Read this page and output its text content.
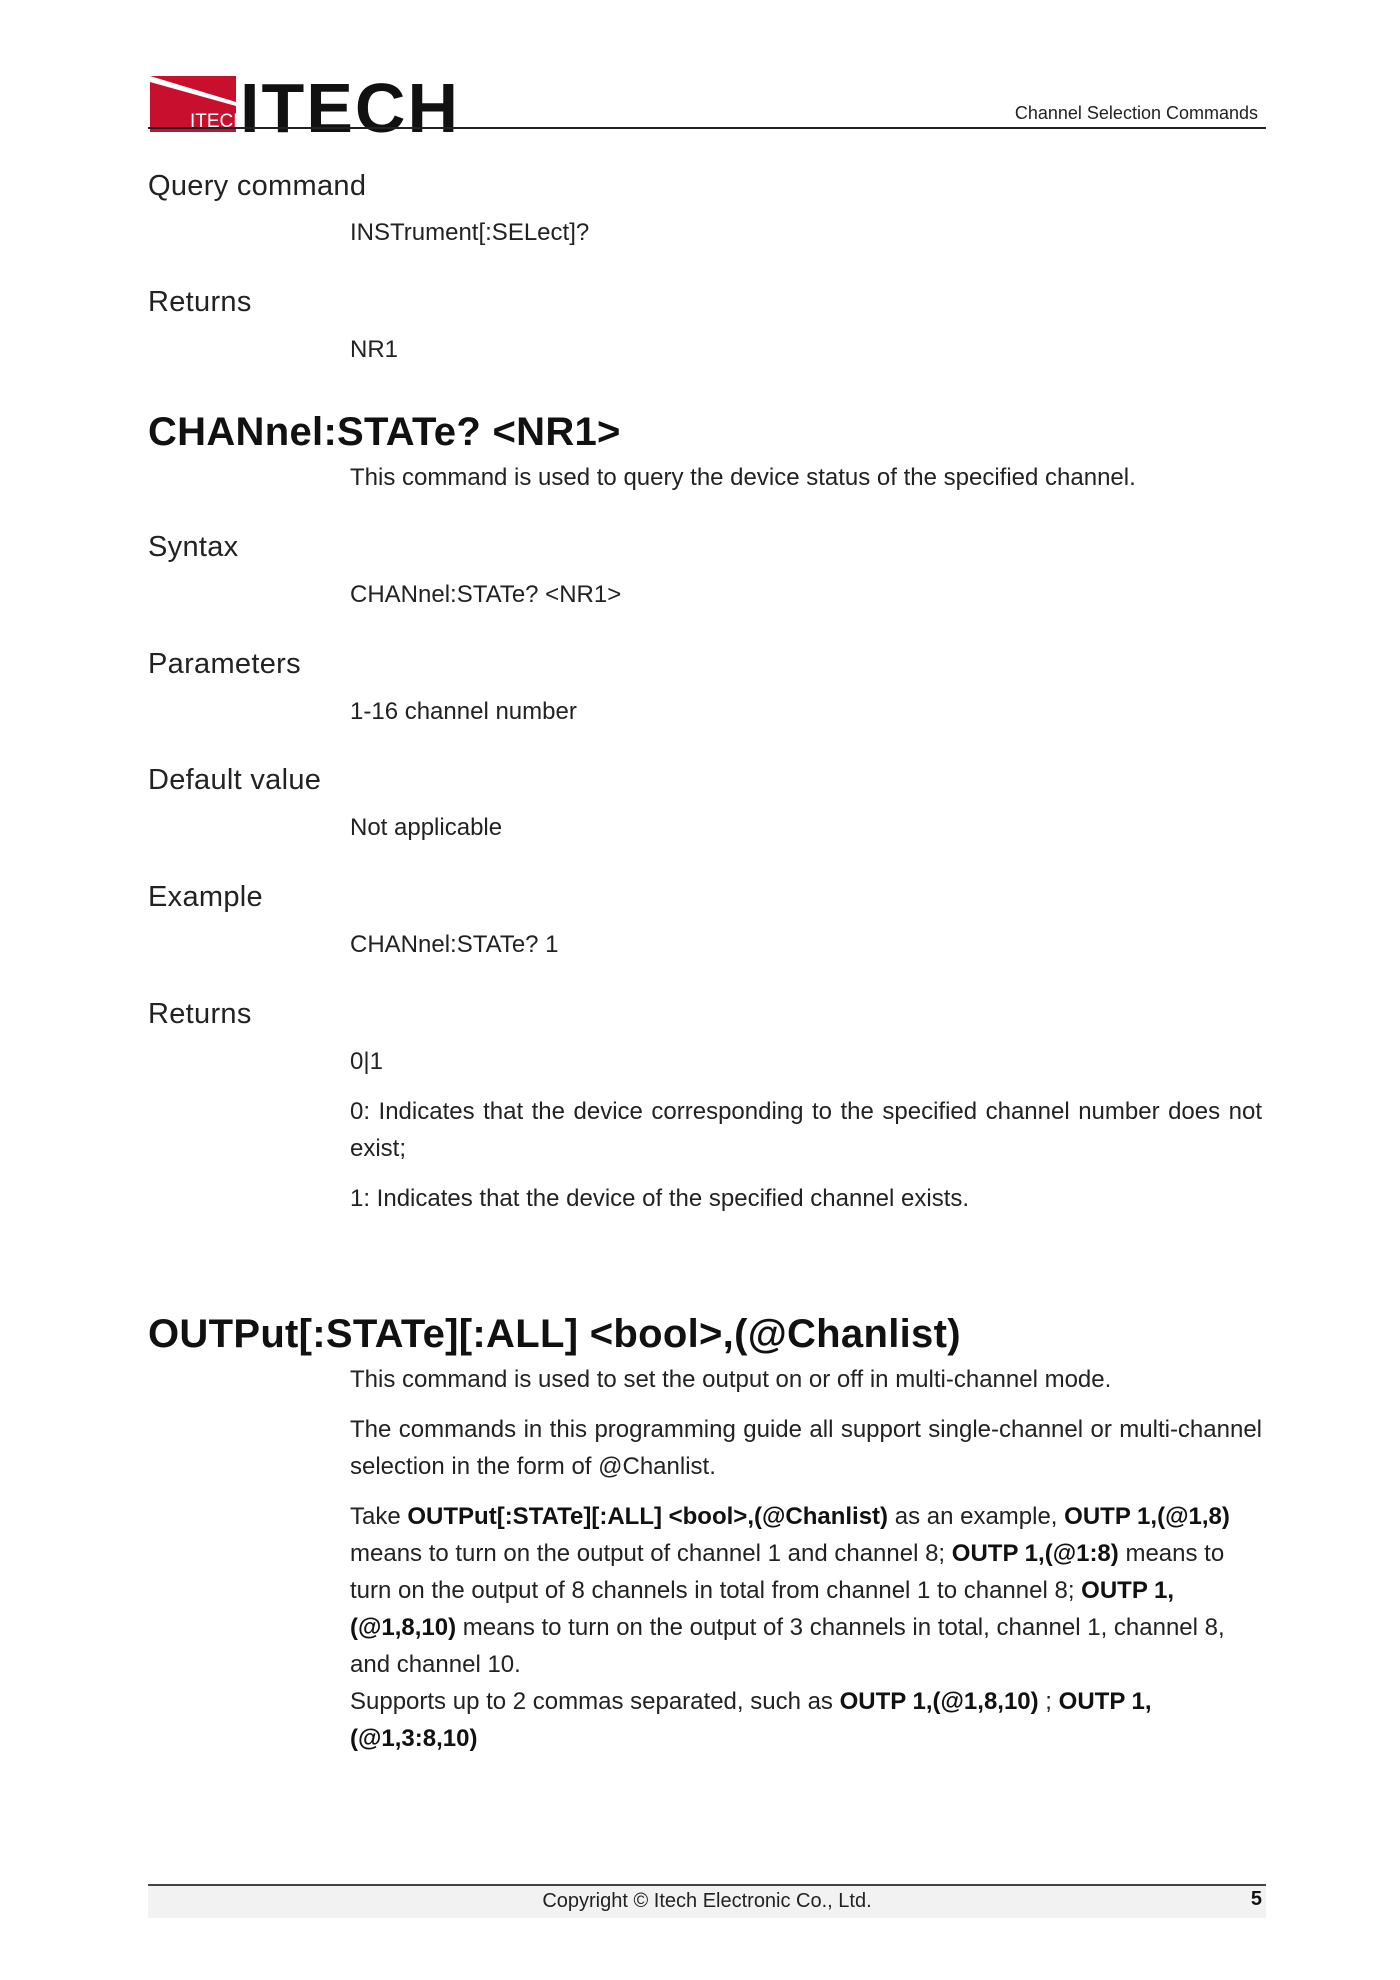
ITECH
ITECH	Channel Selection Commands
Query command
INSTrument[:SELect]?
Returns
NR1
CHANnel:STATe? <NR1>
This command is used to query the device status of the specified channel.
Syntax
CHANnel:STATe? <NR1>
Parameters
1-16 channel number
Default value
Not applicable
Example
CHANnel:STATe? 1
Returns
0|1
0: Indicates that the device corresponding to the specified channel number does not exist;
1: Indicates that the device of the specified channel exists.
OUTPut[:STATe][:ALL] <bool>,(@Chanlist)
This command is used to set the output on or off in multi-channel mode.
The commands in this programming guide all support single-channel or multi-channel selection in the form of @Chanlist.
Take OUTPut[:STATe][:ALL] <bool>,(@Chanlist) as an example, OUTP 1,(@1,8) means to turn on the output of channel 1 and channel 8; OUTP 1,(@1:8) means to turn on the output of 8 channels in total from channel 1 to channel 8; OUTP 1,(@1,8,10) means to turn on the output of 3 channels in total, channel 1, channel 8, and channel 10.
Supports up to 2 commas separated, such as OUTP 1,(@1,8,10) ; OUTP 1,(@1,3:8,10)
Copyright © Itech Electronic Co., Ltd.	5
